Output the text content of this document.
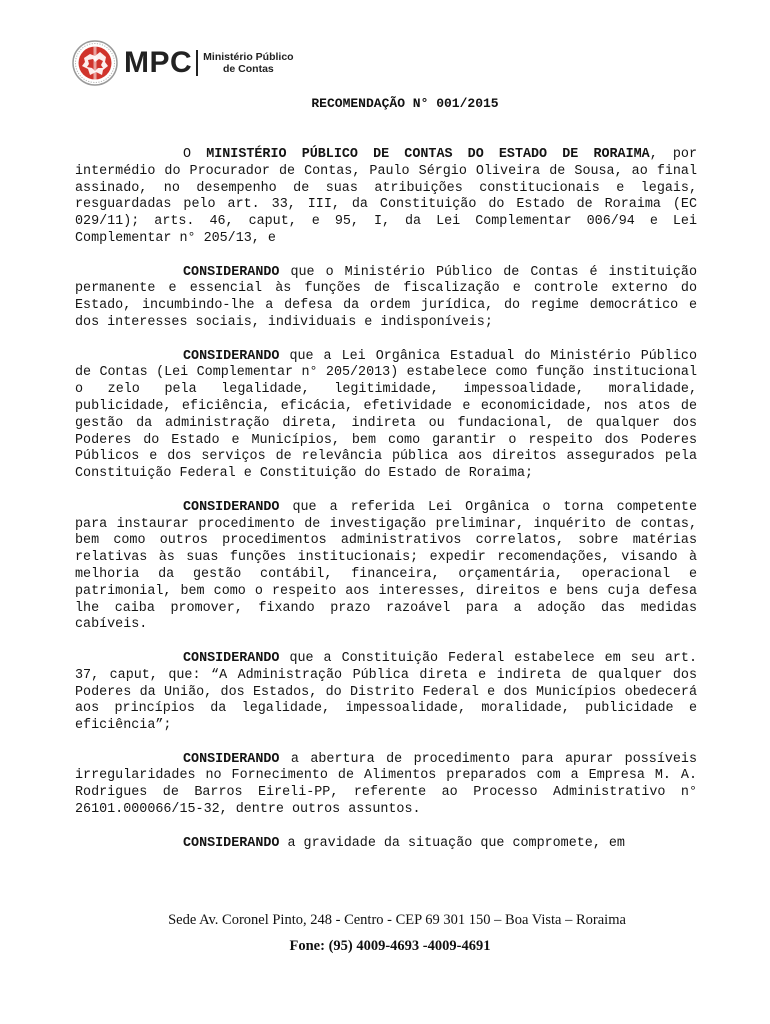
MPC Ministério Público
de Contas
RECOMENDAÇÃO N° 001/2015

O MINISTÉRIO PÚBLICO DE CONTAS DO ESTADO DE RORAIMA, por intermédio do Procurador de Contas, Paulo Sérgio Oliveira de Sousa, ao final assinado, no desempenho de suas atribuições constitucionais e legais, resguardadas pelo art. 33, III, da Constituição do Estado de Roraima (EC 029/11); arts. 46, caput, e 95, I, da Lei Complementar 006/94 e Lei Complementar n° 205/13, e

CONSIDERANDO que o Ministério Público de Contas é instituição permanente e essencial às funções de fiscalização e controle externo do Estado, incumbindo-lhe a defesa da ordem jurídica, do regime democrático e dos interesses sociais, individuais e indisponíveis;

CONSIDERANDO que a Lei Orgânica Estadual do Ministério Público de Contas (Lei Complementar n° 205/2013) estabelece como função institucional o zelo pela legalidade, legitimidade, impessoalidade, moralidade, publicidade, eficiência, eficácia, efetividade e economicidade, nos atos de gestão da administração direta, indireta ou fundacional, de qualquer dos Poderes do Estado e Municípios, bem como garantir o respeito dos Poderes Públicos e dos serviços de relevância pública aos direitos assegurados pela Constituição Federal e Constituição do Estado de Roraima;

CONSIDERANDO que a referida Lei Orgânica o torna competente para instaurar procedimento de investigação preliminar, inquérito de contas, bem como outros procedimentos administrativos correlatos, sobre matérias relativas às suas funções institucionais; expedir recomendações, visando à melhoria da gestão contábil, financeira, orçamentária, operacional e patrimonial, bem como o respeito aos interesses, direitos e bens cuja defesa lhe caiba promover, fixando prazo razoável para a adoção das medidas cabíveis.

CONSIDERANDO que a Constituição Federal estabelece em seu art. 37, caput, que: “A Administração Pública direta e indireta de qualquer dos Poderes da União, dos Estados, do Distrito Federal e dos Municípios obedecerá aos princípios da legalidade, impessoalidade, moralidade, publicidade e eficiência”;

CONSIDERANDO a abertura de procedimento para apurar possíveis irregularidades no Fornecimento de Alimentos preparados com a Empresa M. A. Rodrigues de Barros Eireli-PP, referente ao Processo Administrativo n° 26101.000066/15-32, dentre outros assuntos.

CONSIDERANDO a gravidade da situação que compromete, em

Sede Av. Coronel Pinto, 248 - Centro - CEP 69 301 150 – Boa Vista – Roraima
Fone: (95) 4009-4693 -4009-4691
